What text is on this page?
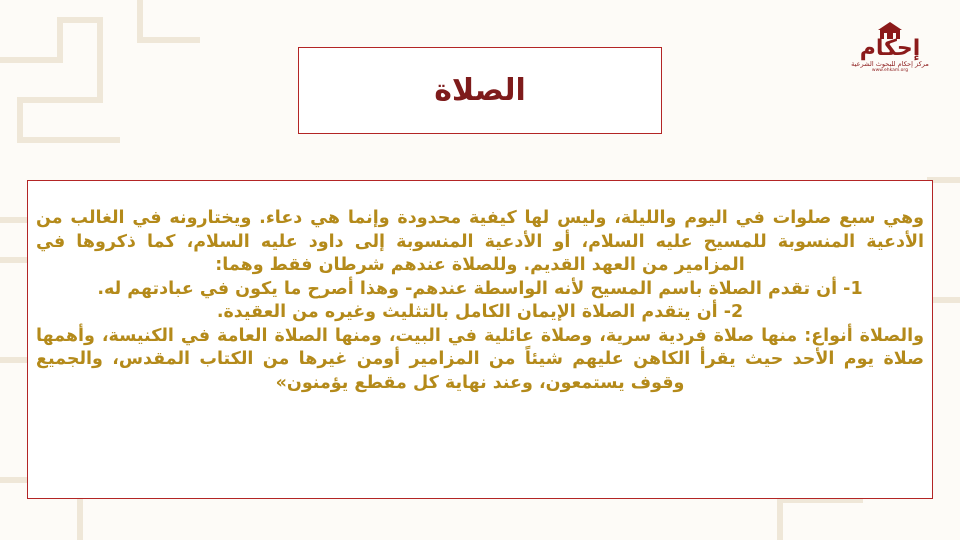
إحكام
مركز إحكام للبحوث الشرعية
www.ehkam.org
الصلاة

وهي سبع صلوات في اليوم والليلة، وليس لها كيفية محدودة وإنما هي دعاء. ويختارونه في الغالب من الأدعية المنسوبة للمسيح عليه السلام، أو الأدعية المنسوبة إلى داود عليه السلام، كما ذكروها في المزامير من العهد القديم. وللصلاة عندهم شرطان فقط وهما:

1- أن تقدم الصلاة باسم المسيح لأنه الواسطة عندهم- وهذا أصرح ما يكون في عبادتهم له.

2- أن يتقدم الصلاة الإيمان الكامل بالتثليث وغيره من العقيدة.

والصلاة أنواع: منها صلاة فردية سرية، وصلاة عائلية في البيت، ومنها الصلاة العامة في الكنيسة، وأهمها صلاة يوم الأحد حيث يقرأ الكاهن عليهم شيئاً من المزامير أومن غيرها من الكتاب المقدس، والجميع وقوف يستمعون، وعند نهاية كل مقطع يؤمنون»
